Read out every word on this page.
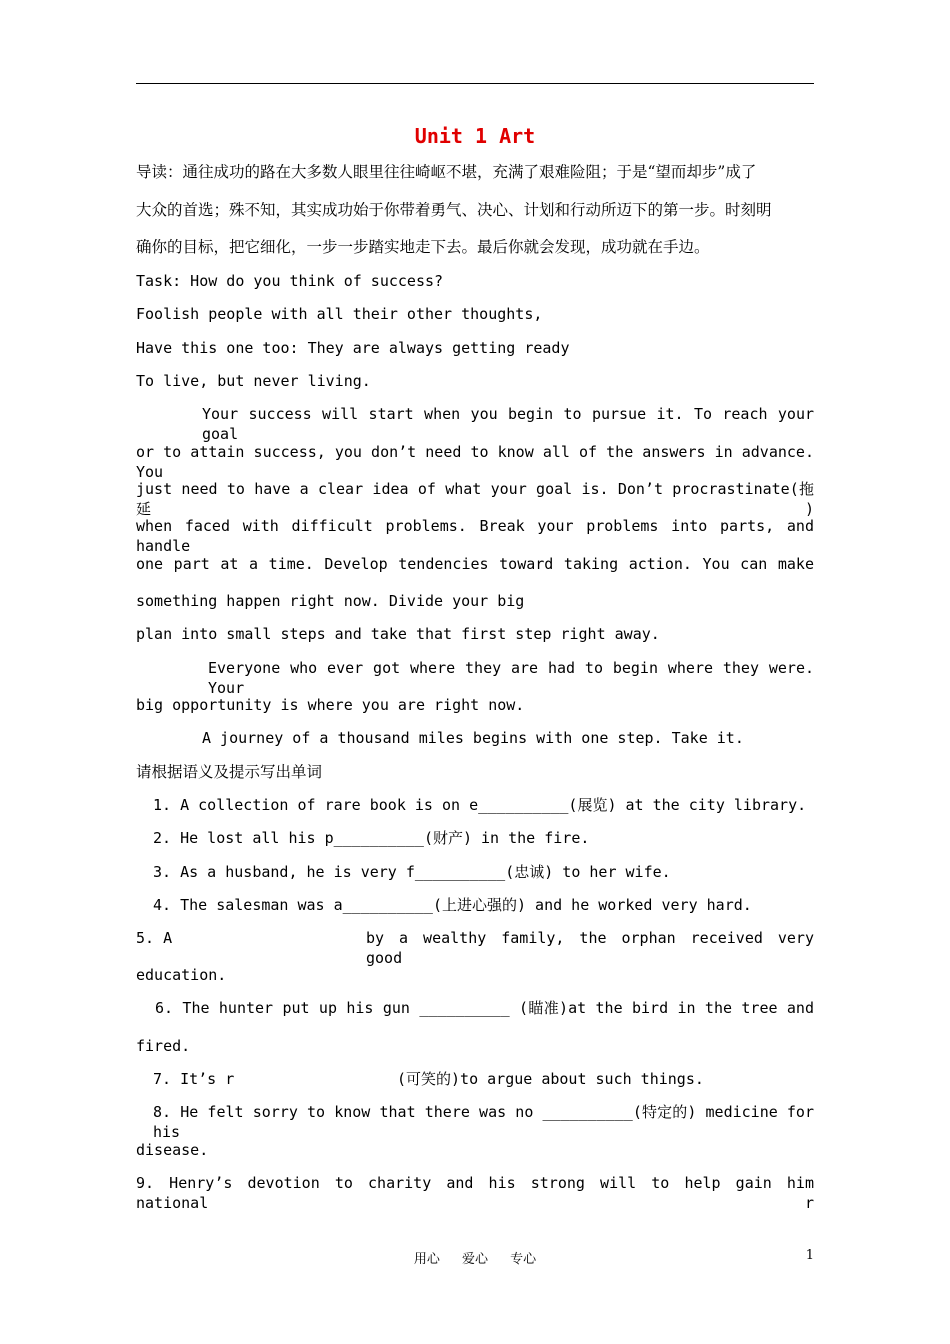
Unit 1 Art
导读：通往成功的路在大多数人眼里往往崎岖不堪，充满了艰难险阻；于是“望而却步”成了
大众的首选；殊不知，其实成功始于你带着勇气、决心、计划和行动所迈下的第一步。时刻明
确你的目标，把它细化，一步一步踏实地走下去。最后你就会发现，成功就在手边。
Task: How do you think of success?
Foolish people with all their other thoughts,
Have this one too: They are always getting ready
To live, but never living.
Your success will start when you begin to pursue it. To reach your goal
or to attain success, you don’t need to know all of the answers in advance. You
just need to have a clear idea of what your goal is. Don’t procrastinate(拖延)
when faced with difficult problems. Break your problems into parts, and handle
one part at a time. Develop tendencies toward taking action. You can make
something happen right now. Divide your big
plan into small steps and take that first step right away.
Everyone who ever got where they are had to begin where they were. Your
big opportunity is where you are right now.
A journey of a thousand miles begins with one step. Take it.
请根据语义及提示写出单词
1. A collection of rare book is on e__________(展览) at the city library.
2. He lost all his p__________(财产) in the fire.
3. As a husband, he is very f__________(忠诚) to her wife.
4. The salesman was a__________(上进心强的) and he worked very hard.
5. A	by a wealthy family, the orphan received very good
education.
6. The hunter put up his gun __________ (瞄准)at the bird in the tree and
fired.
7. It’s r	(可笑的)to argue about such things.
8. He felt sorry to know that there was no __________(特定的) medicine for his
disease.
9. Henry’s devotion to charity and his strong will to help gain him national r
用心 爱心 专心	1
